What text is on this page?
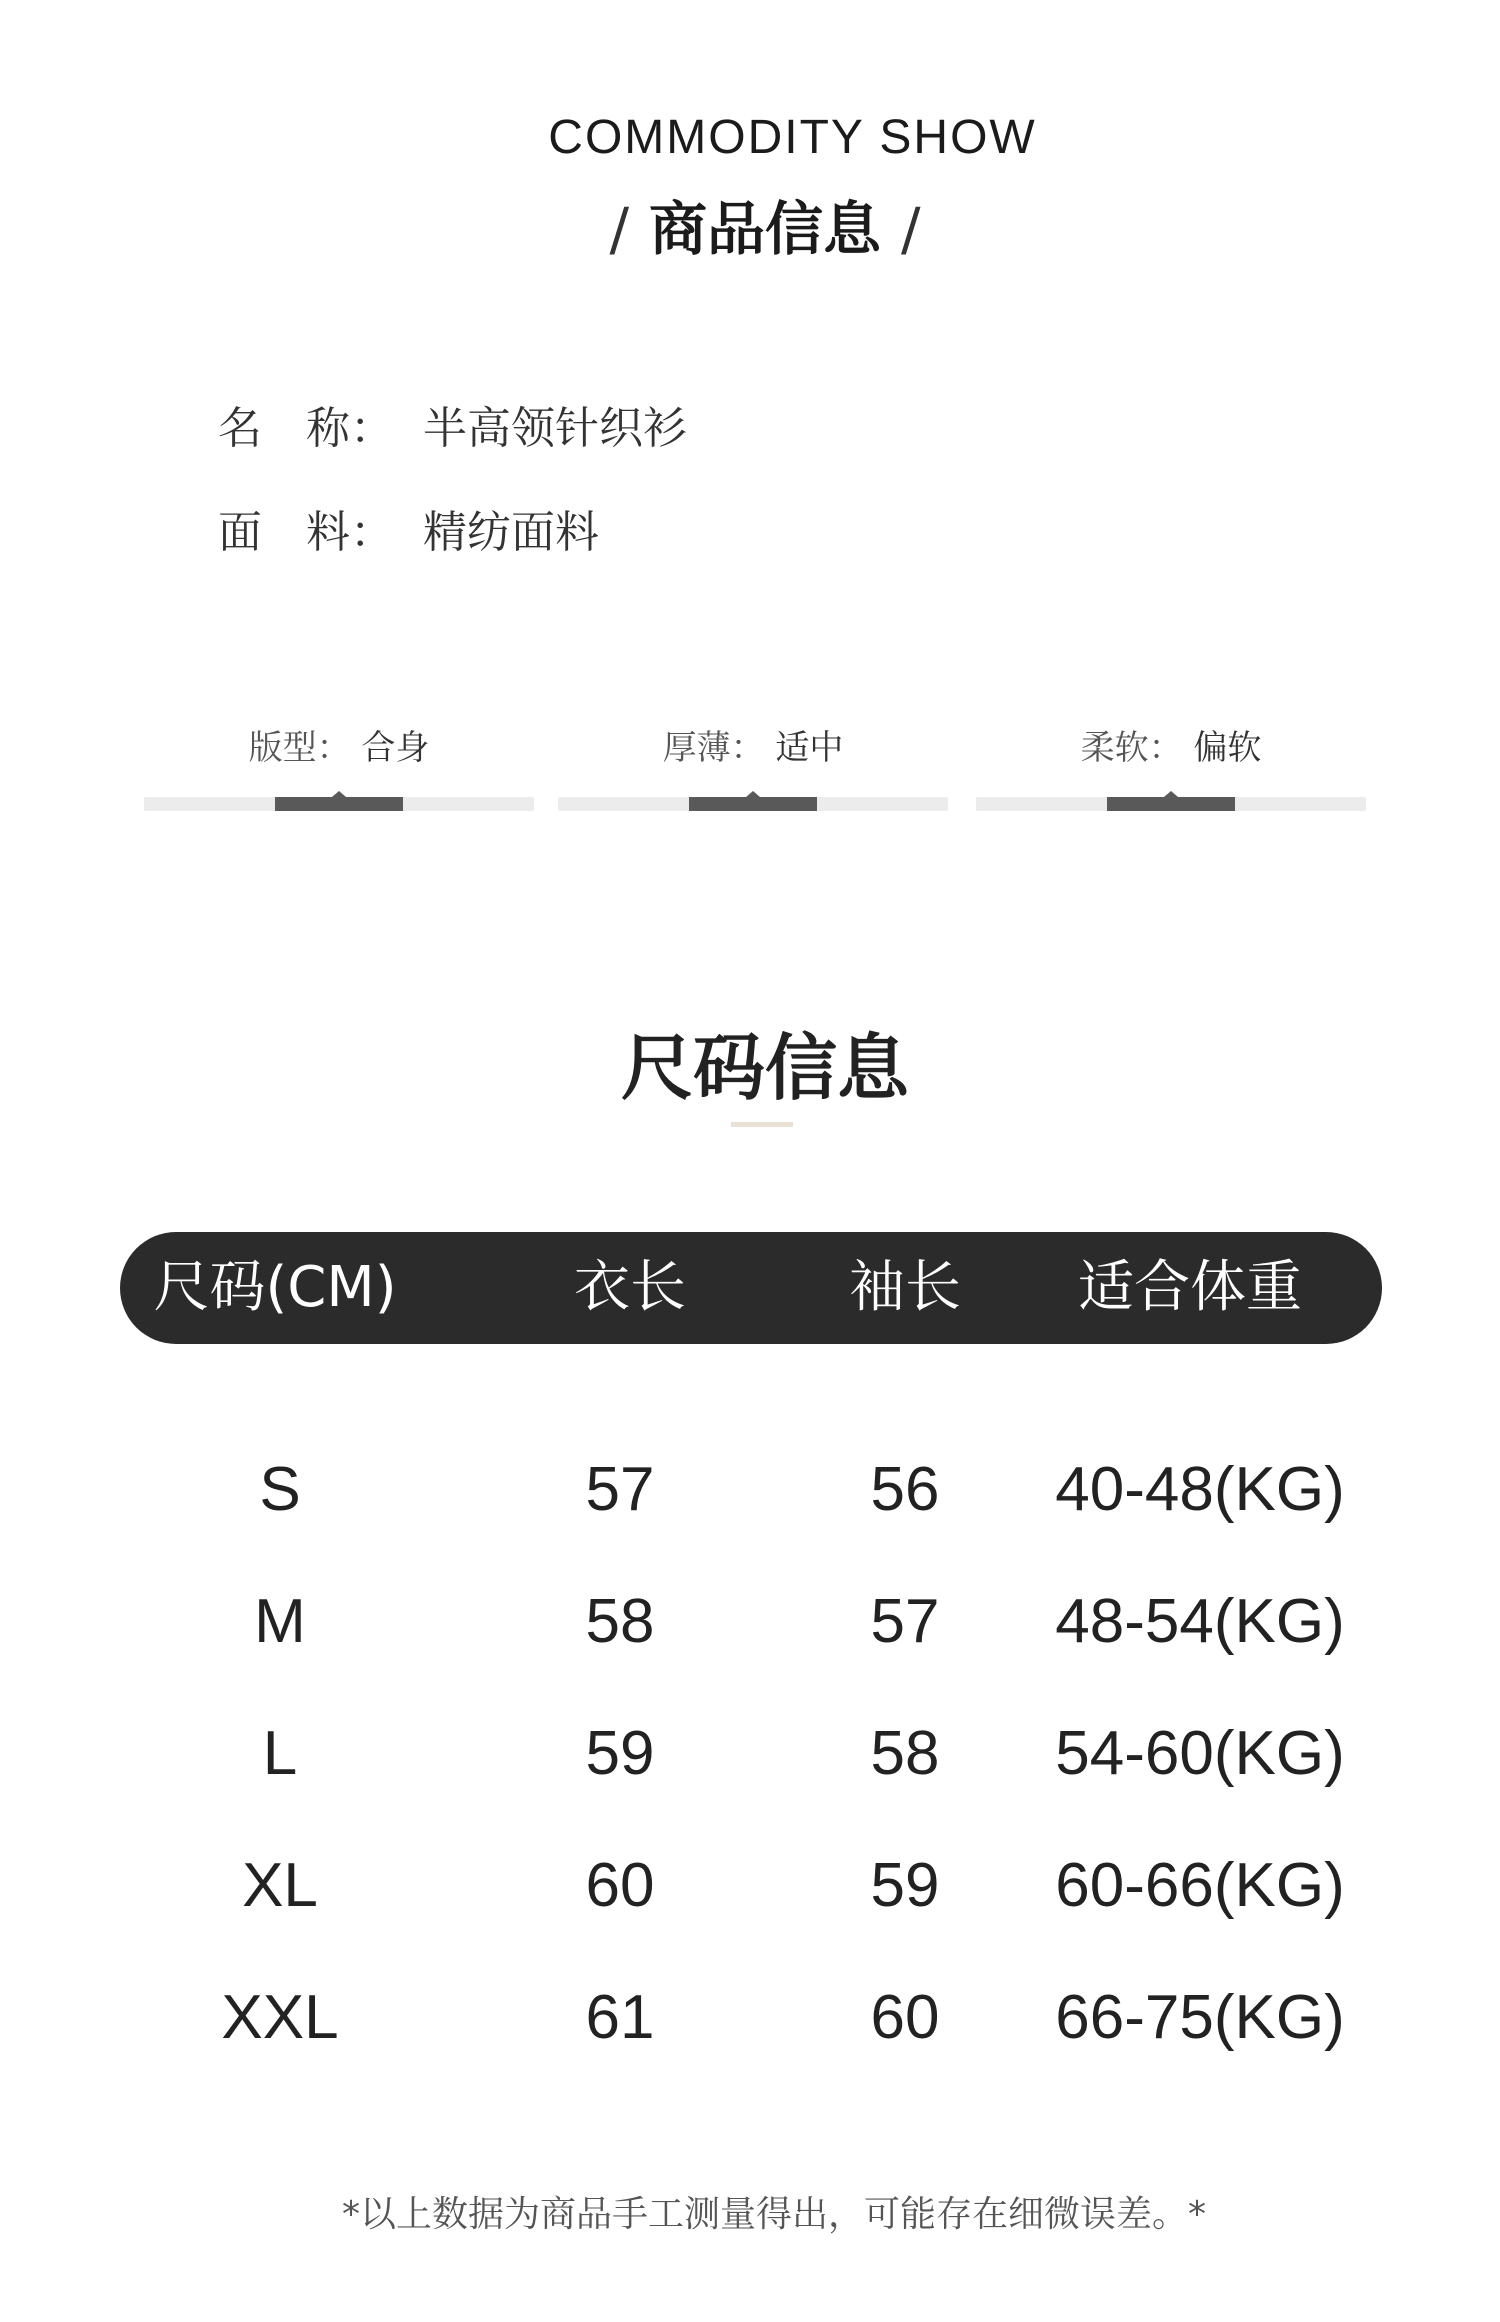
COMMODITY SHOW
/ 商品信息 /
名　称： 半高领针织衫
面　料： 精纺面料
版型： 合身	厚薄： 适中	柔软： 偏软
尺码信息
尺码(CM)	衣长	袖长	适合体重
S	57	56	40-48(KG)
M	58	57	48-54(KG)
L	59	58	54-60(KG)
XL	60	59	60-66(KG)
XXL	61	60	66-75(KG)
*以上数据为商品手工测量得出，可能存在细微误差。*
